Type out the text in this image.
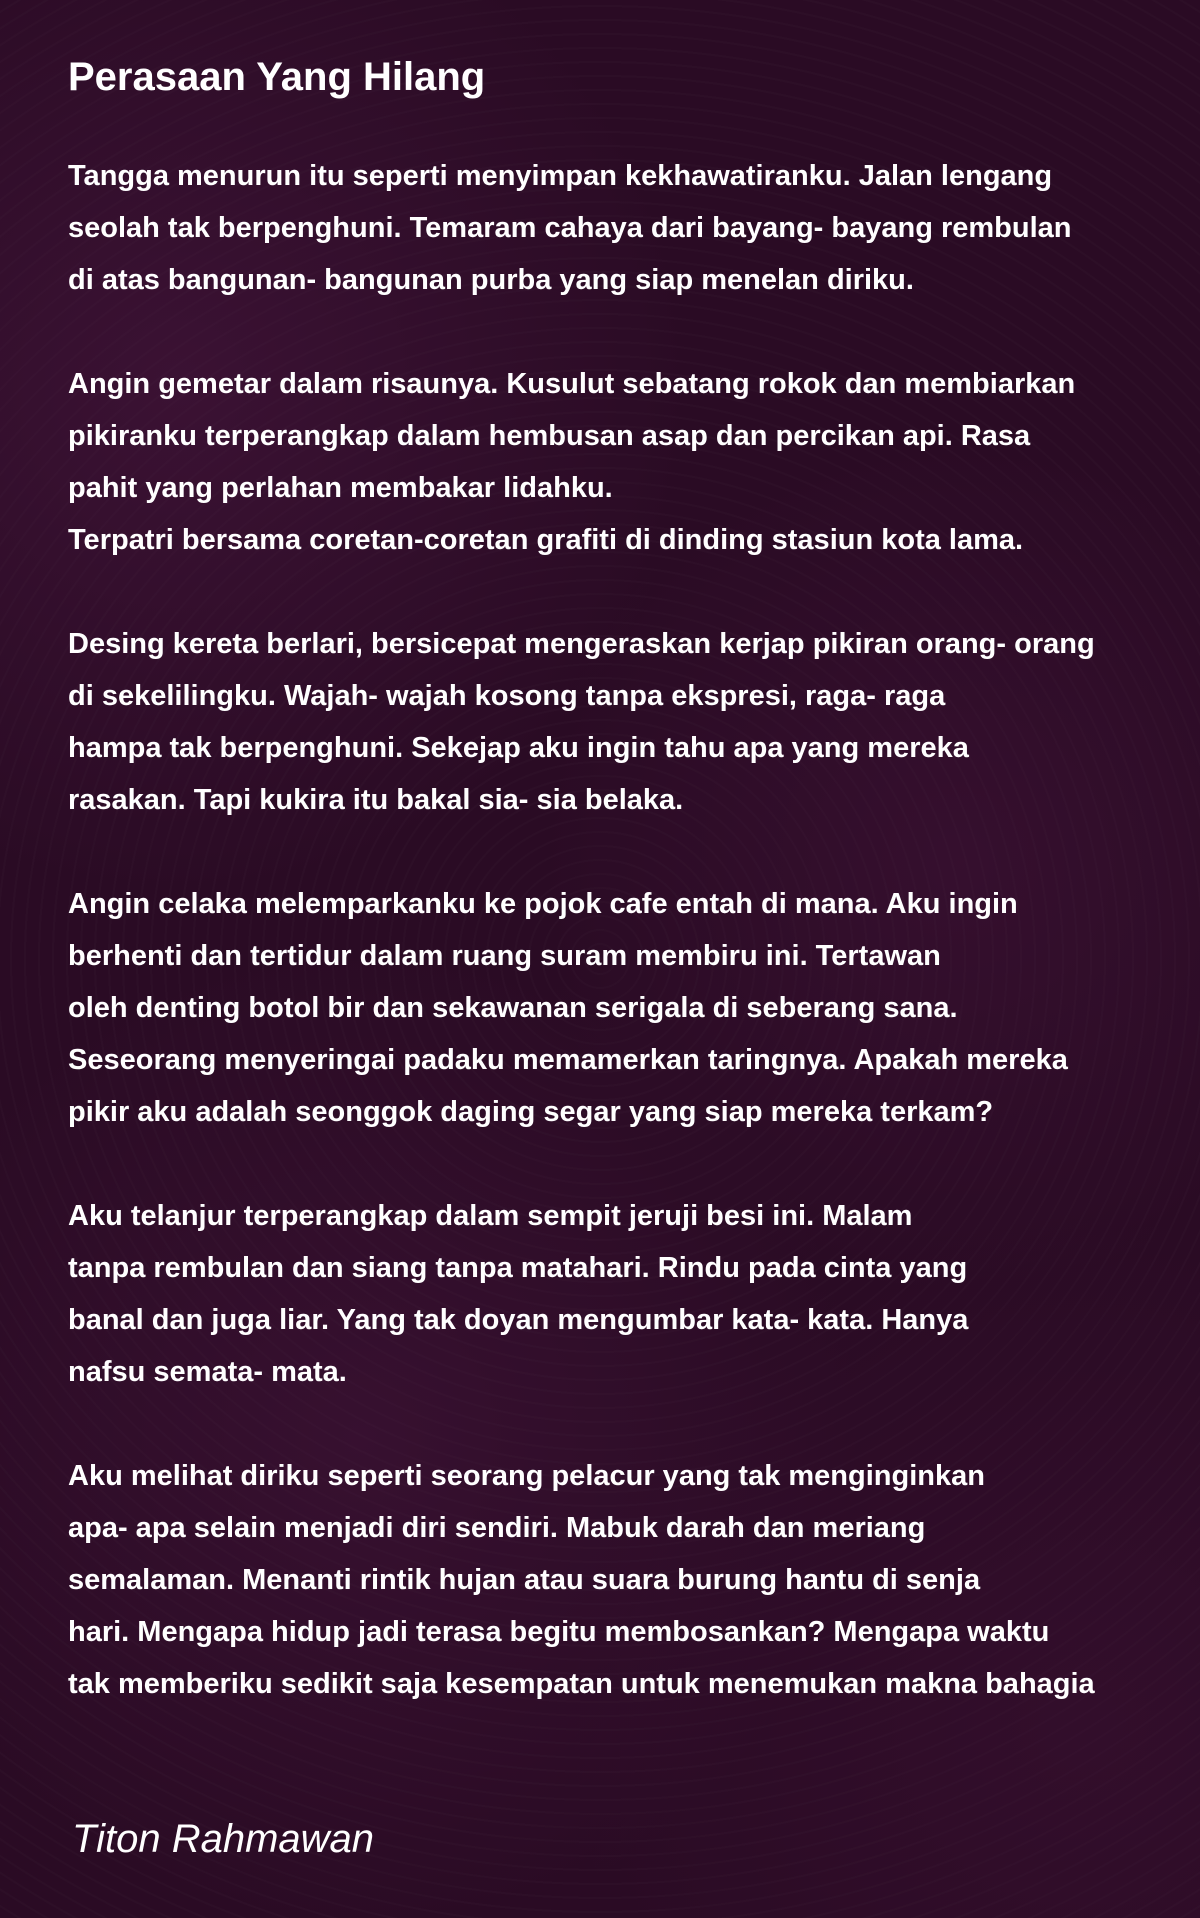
Perasaan Yang Hilang

Tangga menurun itu seperti menyimpan kekhawatiranku. Jalan lengang
seolah tak berpenghuni. Temaram cahaya dari bayang- bayang rembulan
di atas bangunan- bangunan purba yang siap menelan diriku.

Angin gemetar dalam risaunya. Kusulut sebatang rokok dan membiarkan
pikiranku terperangkap dalam hembusan asap dan percikan api. Rasa
pahit yang perlahan membakar lidahku.
Terpatri bersama coretan-coretan grafiti di dinding stasiun kota lama.

Desing kereta berlari, bersicepat mengeraskan kerjap pikiran orang- orang
di sekelilingku. Wajah- wajah kosong tanpa ekspresi, raga- raga
hampa tak berpenghuni. Sekejap aku ingin tahu apa yang mereka
rasakan. Tapi kukira itu bakal sia- sia belaka.

Angin celaka melemparkanku ke pojok cafe entah di mana. Aku ingin
berhenti dan tertidur dalam ruang suram membiru ini. Tertawan
oleh denting botol bir dan sekawanan serigala di seberang sana.
Seseorang menyeringai padaku memamerkan taringnya. Apakah mereka
pikir aku adalah seonggok daging segar yang siap mereka terkam?

Aku telanjur terperangkap dalam sempit jeruji besi ini. Malam
tanpa rembulan dan siang tanpa matahari. Rindu pada cinta yang
banal dan juga liar. Yang tak doyan mengumbar kata- kata. Hanya
nafsu semata- mata.

Aku melihat diriku seperti seorang pelacur yang tak menginginkan
apa- apa selain menjadi diri sendiri. Mabuk darah dan meriang
semalaman. Menanti rintik hujan atau suara burung hantu di senja
hari. Mengapa hidup jadi terasa begitu membosankan? Mengapa waktu
tak memberiku sedikit saja kesempatan untuk menemukan makna bahagia

Titon Rahmawan
